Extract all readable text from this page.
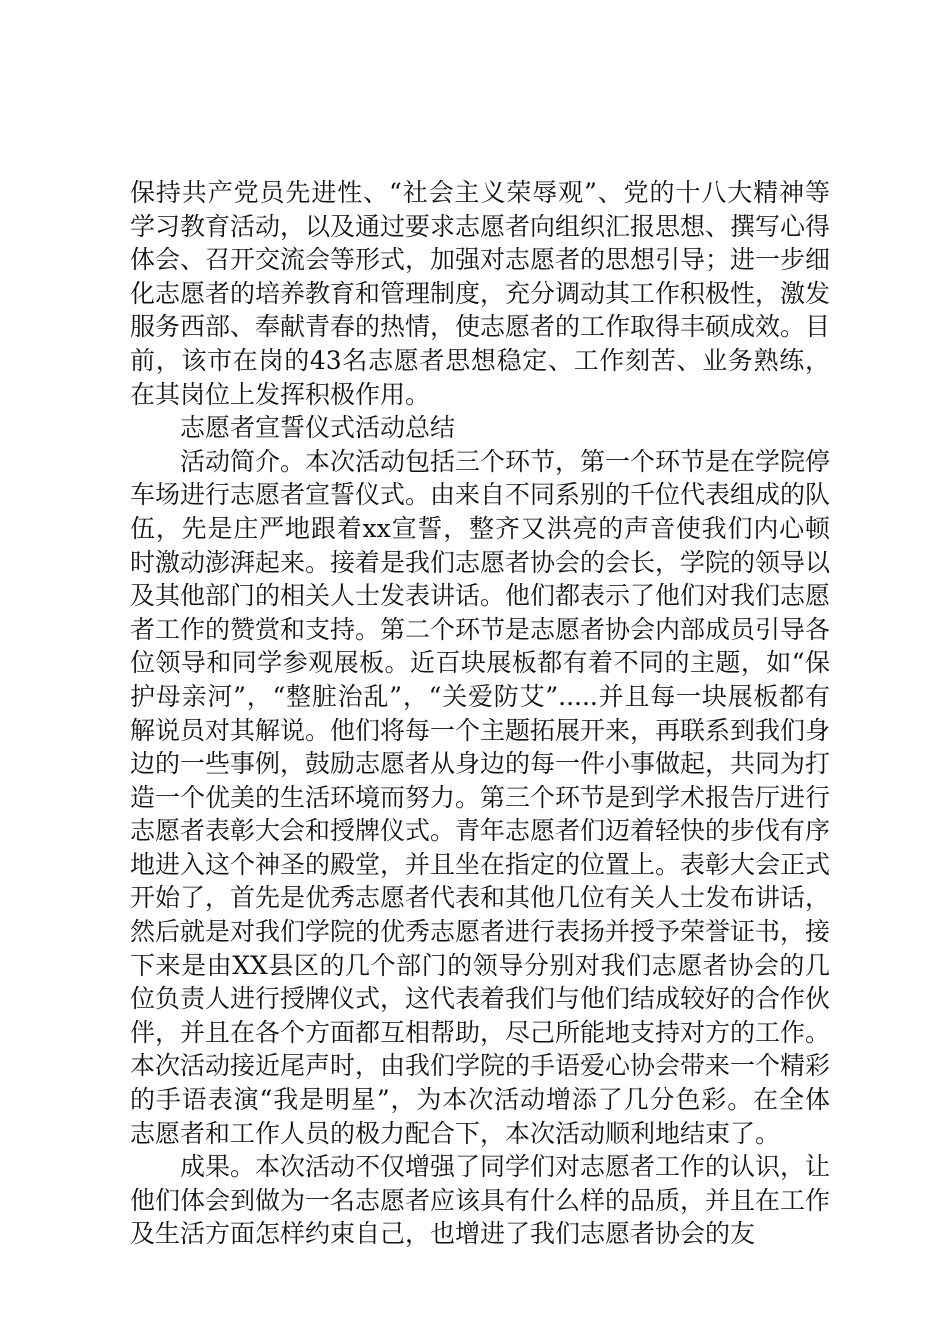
保持共产党员先进性、“社会主义荣辱观”、党的十八大精神等学习教育活动，以及通过要求志愿者向组织汇报思想、撰写心得体会、召开交流会等形式，加强对志愿者的思想引导；进一步细化志愿者的培养教育和管理制度，充分调动其工作积极性，激发服务西部、奉献青春的热情，使志愿者的工作取得丰硕成效。目前，该市在岗的43名志愿者思想稳定、工作刻苦、业务熟练，在其岗位上发挥积极作用。

志愿者宣誓仪式活动总结

活动简介。本次活动包括三个环节，第一个环节是在学院停车场进行志愿者宣誓仪式。由来自不同系别的千位代表组成的队伍，先是庄严地跟着xx宣誓，整齐又洪亮的声音使我们内心顿时激动澎湃起来。接着是我们志愿者协会的会长，学院的领导以及其他部门的相关人士发表讲话。他们都表示了他们对我们志愿者工作的赞赏和支持。第二个环节是志愿者协会内部成员引导各位领导和同学参观展板。近百块展板都有着不同的主题，如“保护母亲河”，“整脏治乱”，“关爱防艾”.....并且每一块展板都有解说员对其解说。他们将每一个主题拓展开来，再联系到我们身边的一些事例，鼓励志愿者从身边的每一件小事做起，共同为打造一个优美的生活环境而努力。第三个环节是到学术报告厅进行志愿者表彰大会和授牌仪式。青年志愿者们迈着轻快的步伐有序地进入这个神圣的殿堂，并且坐在指定的位置上。表彰大会正式开始了，首先是优秀志愿者代表和其他几位有关人士发布讲话，然后就是对我们学院的优秀志愿者进行表扬并授予荣誉证书，接下来是由XX县区的几个部门的领导分别对我们志愿者协会的几位负责人进行授牌仪式，这代表着我们与他们结成较好的合作伙伴，并且在各个方面都互相帮助，尽己所能地支持对方的工作。本次活动接近尾声时，由我们学院的手语爱心协会带来一个精彩的手语表演“我是明星”，为本次活动增添了几分色彩。在全体志愿者和工作人员的极力配合下，本次活动顺利地结束了。

成果。本次活动不仅增强了同学们对志愿者工作的认识，让他们体会到做为一名志愿者应该具有什么样的品质，并且在工作及生活方面怎样约束自己，也增进了我们志愿者协会的友
